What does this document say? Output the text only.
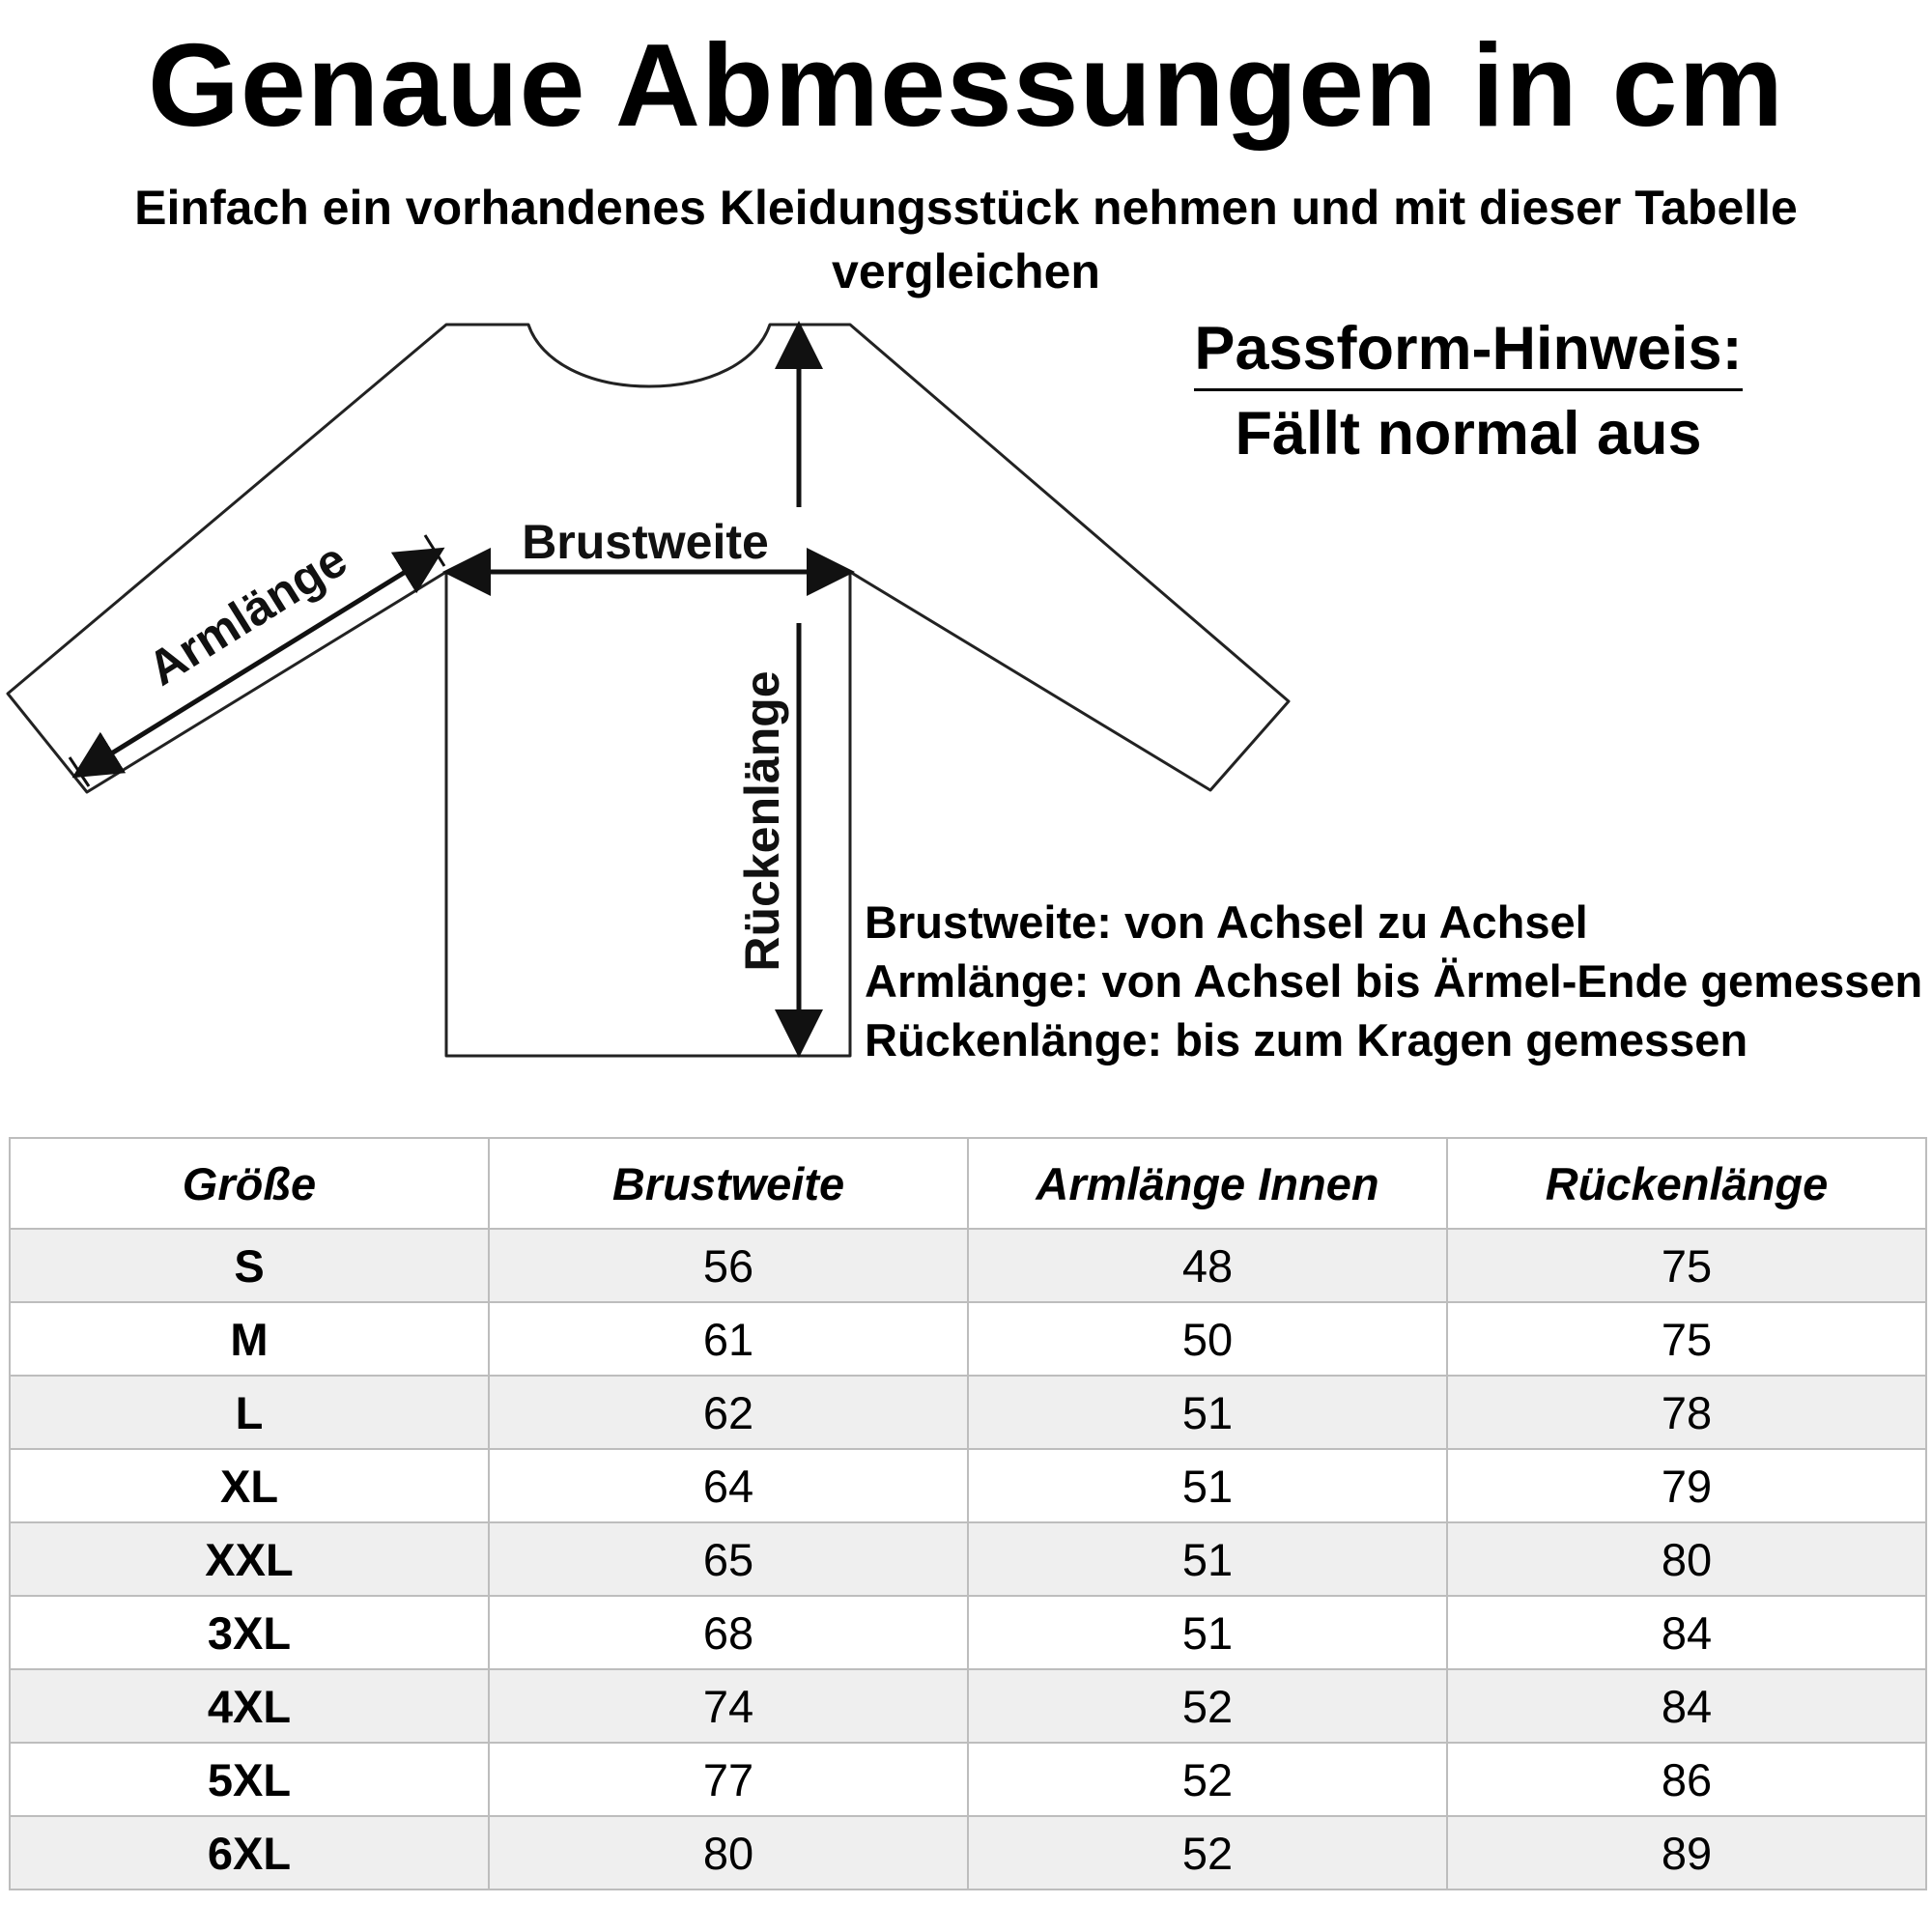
Genaue Abmessungen in cm
Einfach ein vorhandenes Kleidungsstück nehmen und mit dieser Tabelle vergleichen
Armlänge	Brustweite
Rückenlänge
Passform-Hinweis:
Fällt normal aus
Brustweite: von Achsel zu Achsel
Armlänge: von Achsel bis Ärmel-Ende gemessen
Rückenlänge: bis zum Kragen gemessen
Größe	Brustweite	Armlänge Innen	Rückenlänge
S	56	48	75
M	61	50	75
L	62	51	78
XL	64	51	79
XXL	65	51	80
3XL	68	51	84
4XL	74	52	84
5XL	77	52	86
6XL	80	52	89
